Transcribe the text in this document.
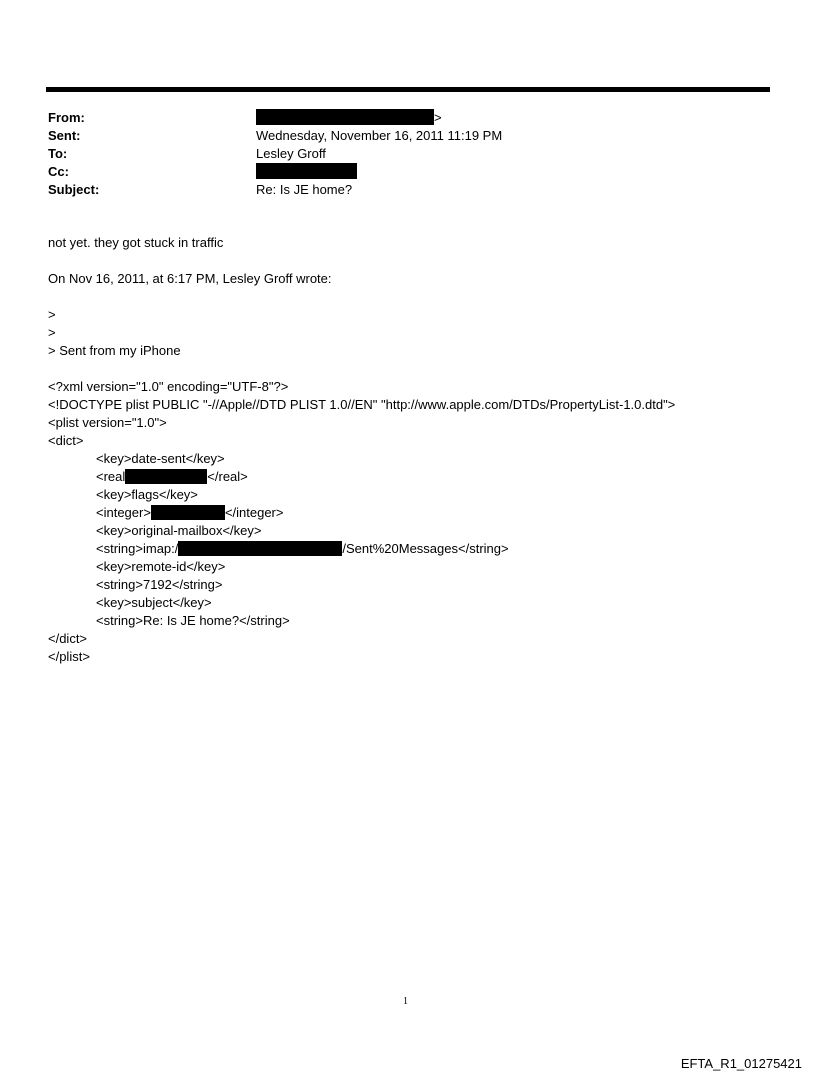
From:	>
Sent:	Wednesday, November 16, 2011 11:19 PM
To:	Lesley Groff
Cc:
Subject:	Re: Is JE home?

not yet. they got stuck in traffic

On Nov 16, 2011, at 6:17 PM, Lesley Groff wrote:

>

>

> Sent from my iPhone

<?xml version="1.0" encoding="UTF-8"?>

<!DOCTYPE plist PUBLIC "-//Apple//DTD PLIST 1.0//EN" "http://www.apple.com/DTDs/PropertyList-1.0.dtd">

<plist version="1.0">

<dict>

<key>date-sent</key>

<real	</real>

<key>flags</key>

<integer>	</integer>

<key>original-mailbox</key>

<string>imap:/	/Sent%20Messages</string>

<key>remote-id</key>

<string>7192</string>

<key>subject</key>

<string>Re: Is JE home?</string>

</dict>

</plist>

1
EFTA_R1_01275421
